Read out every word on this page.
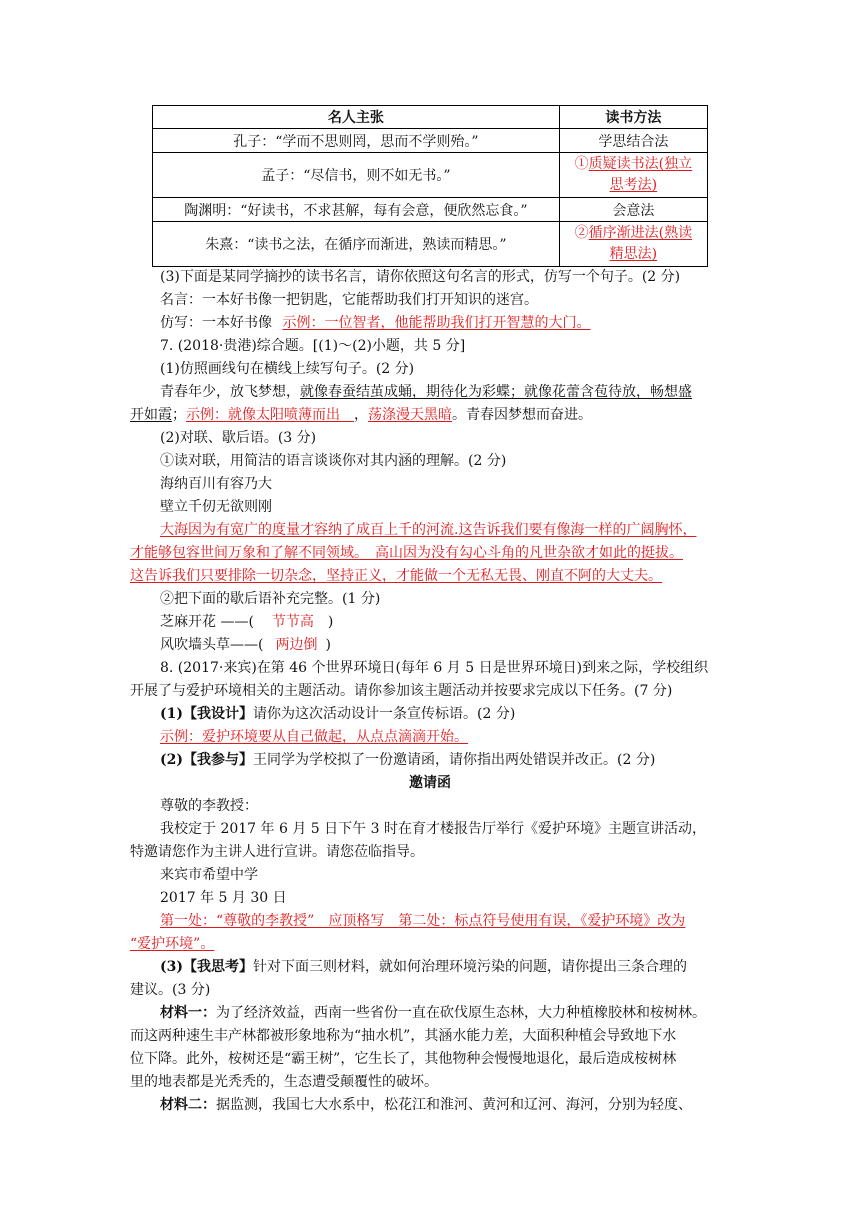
名人主张	读书方法
孔子：“学而不思则罔，思而不学则殆。”	学思结合法
孟子：“尽信书，则不如无书。”	①质疑读书法(独立
思考法)
陶渊明：“好读书，不求甚解，每有会意，便欣然忘食。”	会意法
朱熹：“读书之法，在循序而渐进，熟读而精思。”	②循序渐进法(熟读
精思法)
(3)下面是某同学摘抄的读书名言，请你依照这句名言的形式，仿写一个句子。(2 分)
名言：一本好书像一把钥匙，它能帮助我们打开知识的迷宫。
仿写：一本好书像 示例：一位智者，他能帮助我们打开智慧的大门。
7. (2018·贵港)综合题。[(1)～(2)小题，共 5 分]
(1)仿照画线句在横线上续写句子。(2 分)
青春年少，放飞梦想，就像春蚕结茧成蛹，期待化为彩蝶；就像花蕾含苞待放，畅想盛
开如霞；示例：就像太阳喷薄而出　 ，荡涤漫天黑暗。青春因梦想而奋进。
(2)对联、歇后语。(3 分)
①读对联，用简洁的语言谈谈你对其内涵的理解。(2 分)
海纳百川有容乃大
壁立千仞无欲则刚
大海因为有宽广的度量才容纳了成百上千的河流.这告诉我们要有像海一样的广阔胸怀，
才能够包容世间万象和了解不同领域。　高山因为没有勾心斗角的凡世杂欲才如此的挺拔。
这告诉我们只要排除一切杂念，坚持正义，才能做一个无私无畏、刚直不阿的大丈夫。
②把下面的歇后语补充完整。(1 分)
芝麻开花 ——( 节节高 )
风吹墙头草——( 两边倒 )
8. (2017·来宾)在第 46 个世界环境日(每年 6 月 5 日是世界环境日)到来之际，学校组织
开展了与爱护环境相关的主题活动。请你参加该主题活动并按要求完成以下任务。(7 分)
(1)【我设计】请你为这次活动设计一条宣传标语。(2 分)
示例：爱护环境要从自己做起，从点点滴滴开始。
(2)【我参与】王同学为学校拟了一份邀请函，请你指出两处错误并改正。(2 分)
邀请函
尊敬的李教授：
我校定于 2017 年 6 月 5 日下午 3 时在育才楼报告厅举行《爱护环境》主题宣讲活动，
特邀请您作为主讲人进行宣讲。请您莅临指导。
来宾市希望中学
2017 年 5 月 30 日
第一处：“尊敬的李教授”　应顶格写　第二处：标点符号使用有误，《爱护环境》改为
“爱护环境”。
(3)【我思考】针对下面三则材料，就如何治理环境污染的问题，请你提出三条合理的
建议。(3 分)
材料一：为了经济效益，西南一些省份一直在砍伐原生态林，大力种植橡胶林和桉树林。
而这两种速生丰产林都被形象地称为“抽水机”，其涵水能力差，大面积种植会导致地下水
位下降。此外，桉树还是“霸王树”，它生长了，其他物种会慢慢地退化，最后造成桉树林
里的地表都是光秃秃的，生态遭受颠覆性的破坏。
材料二：据监测，我国七大水系中，松花江和淮河、黄河和辽河、海河，分别为轻度、
